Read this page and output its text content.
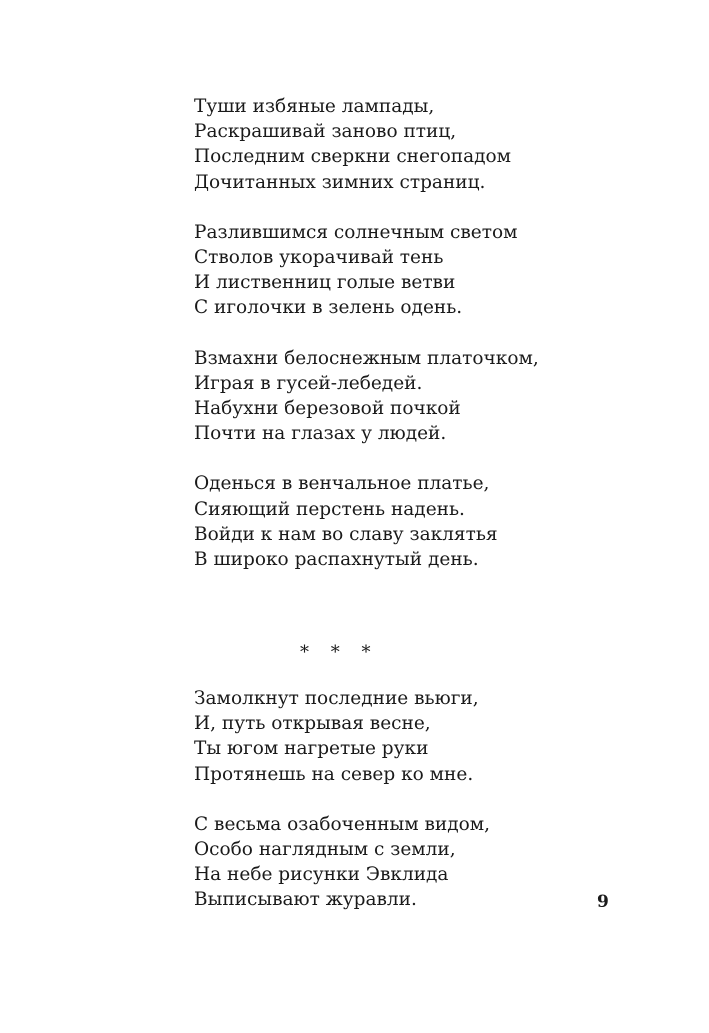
Туши избяные лампады,
Раскрашивай заново птиц,
Последним сверкни снегопадом
Дочитанных зимних страниц.
Разлившимся солнечным светом
Стволов укорачивай тень
И лиственниц голые ветви
С иголочки в зелень одень.
Взмахни белоснежным платочком,
Играя в гусей-лебедей.
Набухни березовой почкой
Почти на глазах у людей.
Оденься в венчальное платье,
Сияющий перстень надень.
Войди к нам во славу заклятья
В широко распахнутый день.
* * *
Замолкнут последние вьюги,
И, путь открывая весне,
Ты югом нагретые руки
Протянешь на север ко мне.
С весьма озабоченным видом,
Особо наглядным с земли,
На небе рисунки Эвклида
Выписывают журавли.	9
